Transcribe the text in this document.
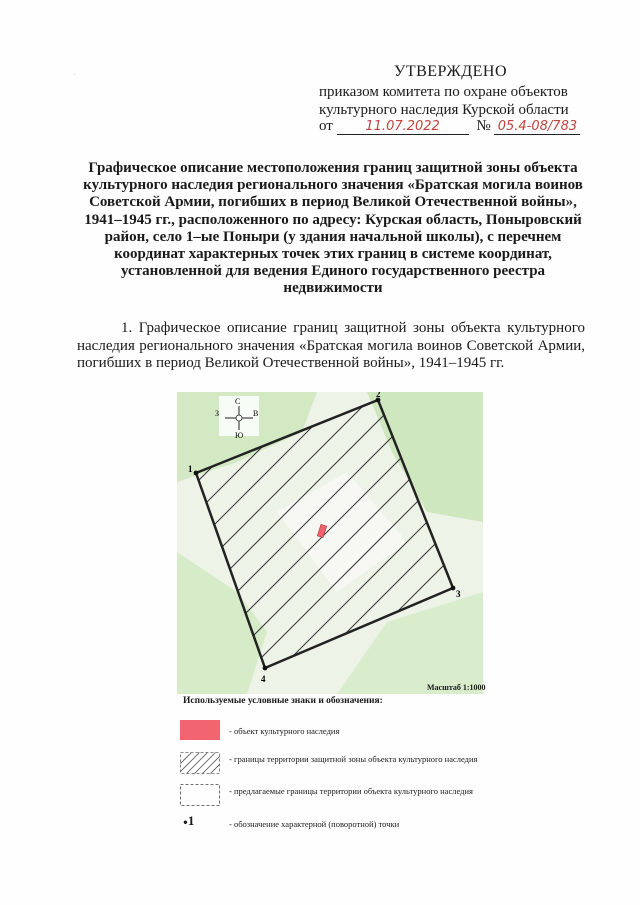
УТВЕРЖДЕНО
приказом комитета по охране объектов
культурного наследия Курской области
от	11.07.2022 № 05.4-08/783
·
Графическое описание местоположения границ защитной зоны объекта культурного наследия регионального значения «Братская могила воинов Советской Армии, погибших в период Великой Отечественной войны», 1941–1945 гг., расположенного по адресу: Курская область, Поныровский район, село 1–ые Поныри (у здания начальной школы), с перечнем координат характерных точек этих границ в системе координат, установленной для ведения Единого государственного реестра недвижимости
1. Графическое описание границ защитной зоны объекта культурного наследия регионального значения «Братская могила воинов Советской Армии, погибших в период Великой Отечественной войны», 1941–1945 гг.
1
2
3
4
С
Ю
З	В
Масштаб 1:1000
Используемые условные знаки и обозначения:
- объект культурного наследия
- границы территории защитной зоны объекта культурного наследия
- предлагаемые границы территории объекта культурного наследия
●1	- обозначение характерной (поворотной) точки
